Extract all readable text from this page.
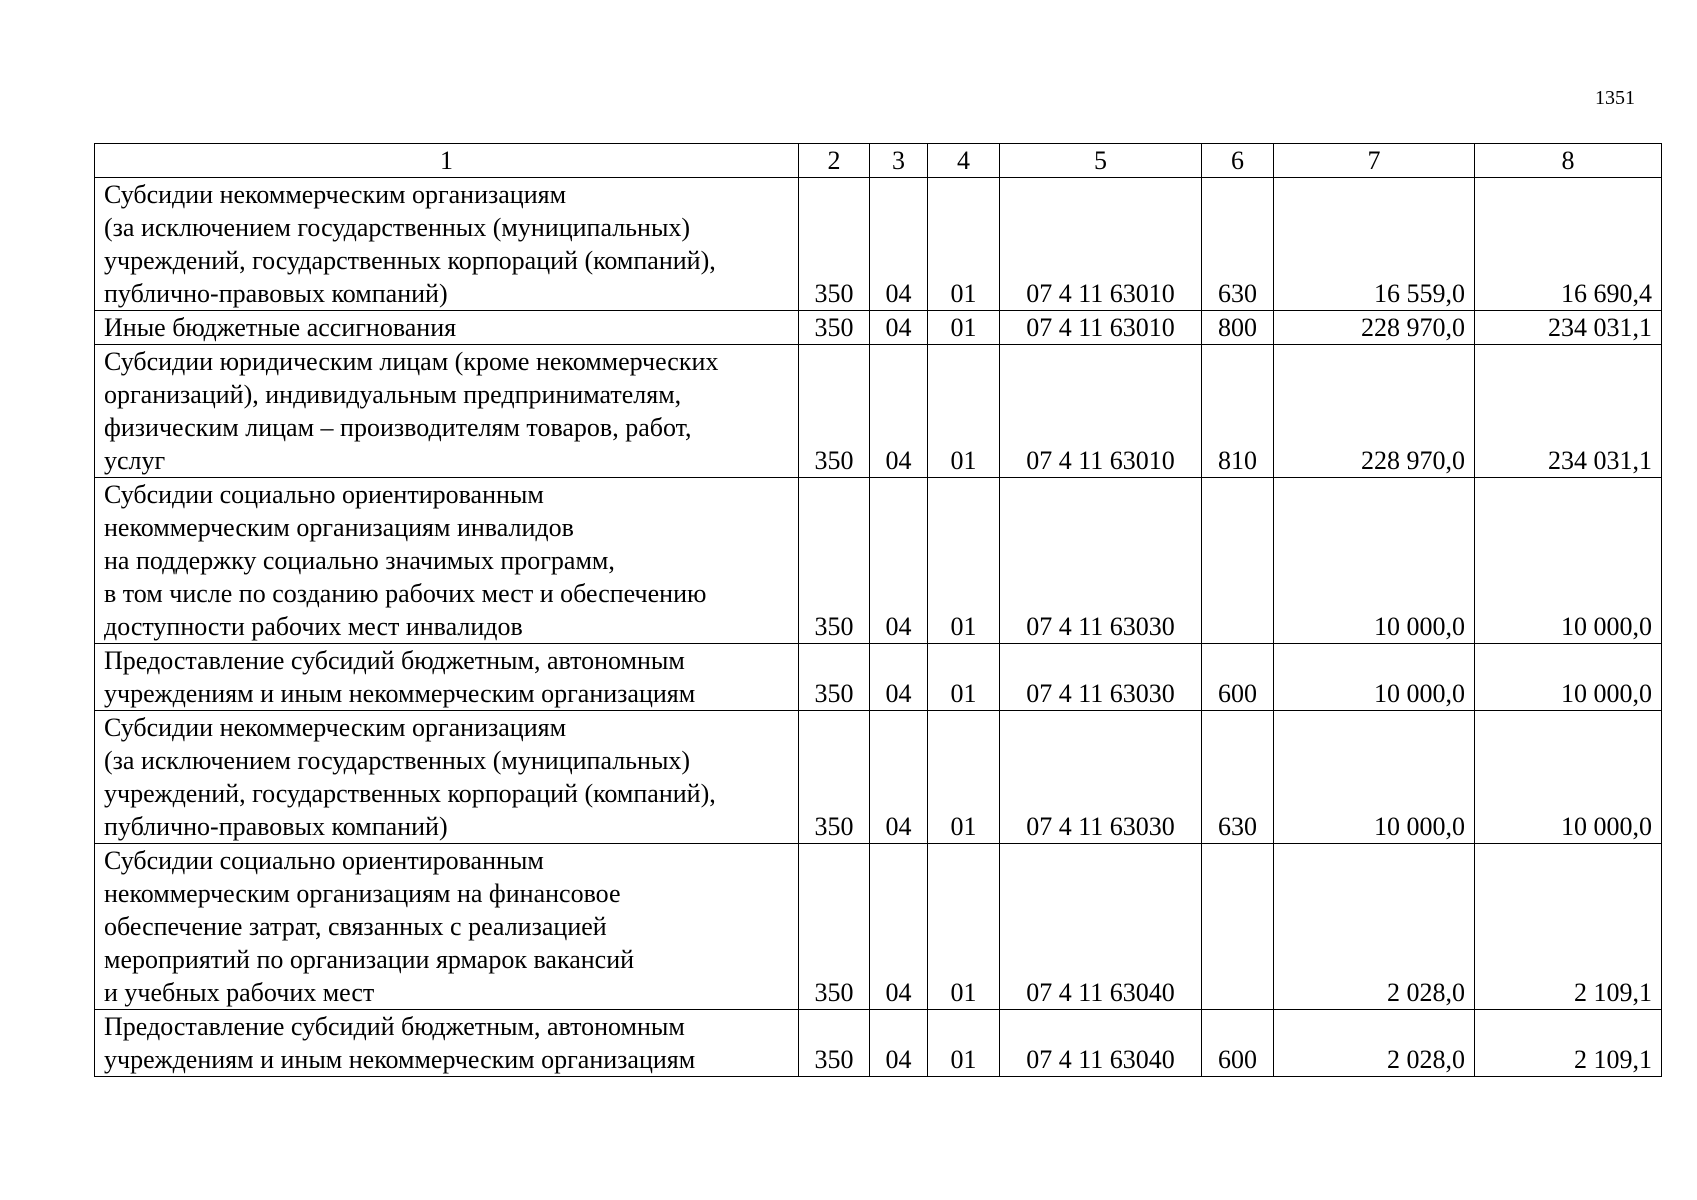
1351
1	2	3	4	5	6	7	8
Субсидии некоммерческим организациям
(за исключением государственных (муниципальных)
учреждений, государственных корпораций (компаний),
публично-правовых компаний)	350	04	01	07 4 11 63010	630	16 559,0	16 690,4
Иные бюджетные ассигнования	350	04	01	07 4 11 63010	800	228 970,0	234 031,1
Субсидии юридическим лицам (кроме некоммерческих
организаций), индивидуальным предпринимателям,
физическим лицам – производителям товаров, работ,
услуг	350	04	01	07 4 11 63010	810	228 970,0	234 031,1
Субсидии социально ориентированным
некоммерческим организациям инвалидов
на поддержку социально значимых программ,
в том числе по созданию рабочих мест и обеспечению
доступности рабочих мест инвалидов	350	04	01	07 4 11 63030		10 000,0	10 000,0
Предоставление субсидий бюджетным, автономным
учреждениям и иным некоммерческим организациям	350	04	01	07 4 11 63030	600	10 000,0	10 000,0
Субсидии некоммерческим организациям
(за исключением государственных (муниципальных)
учреждений, государственных корпораций (компаний),
публично-правовых компаний)	350	04	01	07 4 11 63030	630	10 000,0	10 000,0
Субсидии социально ориентированным
некоммерческим организациям на финансовое
обеспечение затрат, связанных с реализацией
мероприятий по организации ярмарок вакансий
и учебных рабочих мест	350	04	01	07 4 11 63040		2 028,0	2 109,1
Предоставление субсидий бюджетным, автономным
учреждениям и иным некоммерческим организациям	350	04	01	07 4 11 63040	600	2 028,0	2 109,1
